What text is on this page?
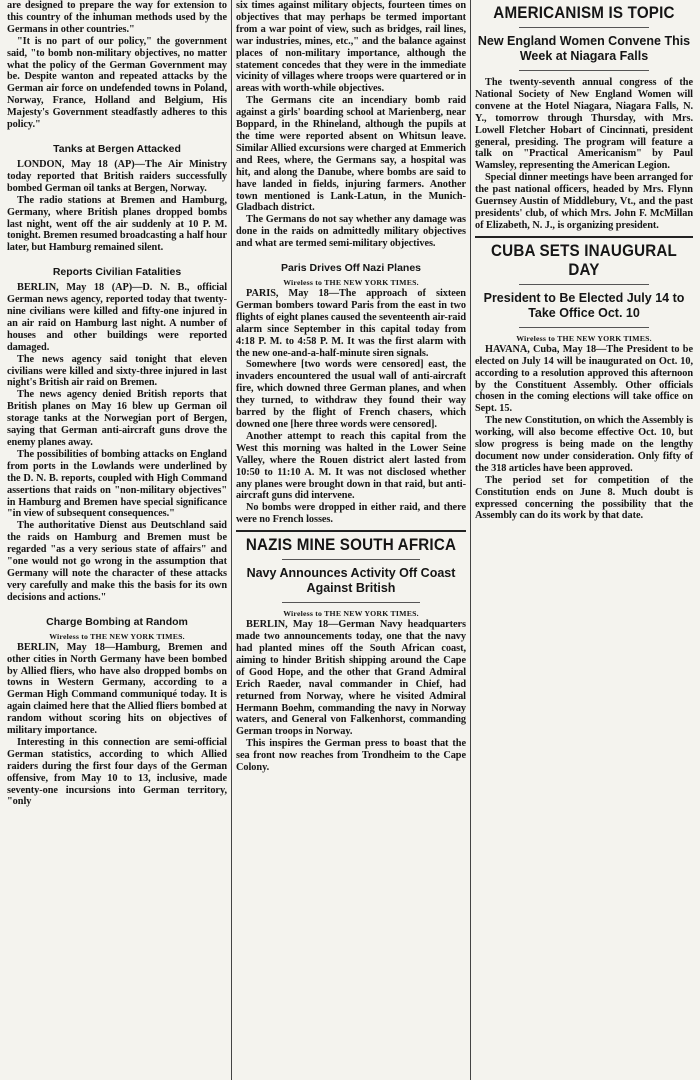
are designed to prepare the way for extension to this country of the inhuman methods used by the Germans in other countries."

"It is no part of our policy," the government said, "to bomb non-military objectives, no matter what the policy of the German Government may be. Despite wanton and repeated attacks by the German air force on undefended towns in Poland, Norway, France, Holland and Belgium, His Majesty's Government steadfastly adheres to this policy."

Tanks at Bergen Attacked

LONDON, May 18 (AP)—The Air Ministry today reported that British raiders successfully bombed German oil tanks at Bergen, Norway.

The radio stations at Bremen and Hamburg, Germany, where British planes dropped bombs last night, went off the air suddenly at 10 P. M. tonight. Bremen resumed broadcasting a half hour later, but Hamburg remained silent.

Reports Civilian Fatalities

BERLIN, May 18 (AP)—D. N. B., official German news agency, reported today that twenty-nine civilians were killed and fifty-one injured in an air raid on Hamburg last night. A number of houses and other buildings were reported damaged.

The news agency said tonight that eleven civilians were killed and sixty-three injured in last night's British air raid on Bremen.

The news agency denied British reports that British planes on May 16 blew up German oil storage tanks at the Norwegian port of Bergen, saying that German anti-aircraft guns drove the enemy planes away.

The possibilities of bombing attacks on England from ports in the Lowlands were underlined by the D. N. B. reports, coupled with High Command assertions that raids on "non-military objectives" in Hamburg and Bremen have special significance "in view of subsequent consequences."

The authoritative Dienst aus Deutschland said the raids on Hamburg and Bremen must be regarded "as a very serious state of affairs" and "one would not go wrong in the assumption that Germany will note the character of these attacks very carefully and make this the basis for its own decisions and actions."

Charge Bombing at Random
Wireless to THE NEW YORK TIMES.

BERLIN, May 18—Hamburg, Bremen and other cities in North Germany have been bombed by Allied fliers, who have also dropped bombs on towns in Western Germany, according to a German High Command communiqué today. It is again claimed here that the Allied fliers bombed at random without scoring hits on objectives of military importance.

Interesting in this connection are semi-official German statistics, according to which Allied raiders during the first four days of the German offensive, from May 10 to 13, inclusive, made seventy-one incursions into German territory, "only

six times against military objects, fourteen times on objectives that may perhaps be termed important from a war point of view, such as bridges, rail lines, war industries, mines, etc.," and the balance against places of non-military importance, although the statement concedes that they were in the immediate vicinity of villages where troops were quartered or in areas with worth-while objectives.

The Germans cite an incendiary bomb raid against a girls' boarding school at Marienberg, near Boppard, in the Rhineland, although the pupils at the time were reported absent on Whitsun leave. Similar Allied excursions were charged at Emmerich and Rees, where, the Germans say, a hospital was hit, and along the Danube, where bombs are said to have landed in fields, injuring farmers. Another town mentioned is Lank-Latun, in the Munich-Gladbach district.

The Germans do not say whether any damage was done in the raids on admittedly military objectives and what are termed semi-military objectives.

Paris Drives Off Nazi Planes
Wireless to THE NEW YORK TIMES.

PARIS, May 18—The approach of sixteen German bombers toward Paris from the east in two flights of eight planes caused the seventeenth air-raid alarm since September in this capital today from 4:18 P. M. to 4:58 P. M. It was the first alarm with the new one-and-a-half-minute siren signals.

Somewhere [two words were censored] east, the invaders encountered the usual wall of anti-aircraft fire, which downed three German planes, and when they turned, to withdraw they found their way barred by the flight of French chasers, which downed one [here three words were censored].

Another attempt to reach this capital from the West this morning was halted in the Lower Seine Valley, where the Rouen district alert lasted from 10:50 to 11:10 A. M. It was not disclosed whether any planes were brought down in that raid, but anti-aircraft guns did intervene.

No bombs were dropped in either raid, and there were no French losses.

NAZIS MINE SOUTH AFRICA
Navy Announces Activity Off Coast Against British
Wireless to THE NEW YORK TIMES.

BERLIN, May 18—German Navy headquarters made two announcements today, one that the navy had planted mines off the South African coast, aiming to hinder British shipping around the Cape of Good Hope, and the other that Grand Admiral Erich Raeder, naval commander in Chief, had returned from Norway, where he visited Admiral Hermann Boehm, commanding the navy in Norway waters, and General von Falkenhorst, commanding German troops in Norway.

This inspires the German press to boast that the sea front now reaches from Trondheim to the Cape Colony.

AMERICANISM IS TOPIC
New England Women Convene This Week at Niagara Falls

The twenty-seventh annual congress of the National Society of New England Women will convene at the Hotel Niagara, Niagara Falls, N. Y., tomorrow through Thursday, with Mrs. Lowell Fletcher Hobart of Cincinnati, president general, presiding. The program will feature a talk on "Practical Americanism" by Paul Wamsley, representing the American Legion.

Special dinner meetings have been arranged for the past national officers, headed by Mrs. Flynn Guernsey Austin of Middlebury, Vt., and the past presidents' club, of which Mrs. John F. McMillan of Elizabeth, N. J., is organizing president.

CUBA SETS INAUGURAL DAY
President to Be Elected July 14 to Take Office Oct. 10
Wireless to THE NEW YORK TIMES.

HAVANA, Cuba, May 18—The President to be elected on July 14 will be inaugurated on Oct. 10, according to a resolution approved this afternoon by the Constituent Assembly. Other officials chosen in the coming elections will take office on Sept. 15.

The new Constitution, on which the Assembly is working, will also become effective Oct. 10, but slow progress is being made on the lengthy document now under consideration. Only fifty of the 318 articles have been approved.

The period set for competition of the Constitution ends on June 8. Much doubt is expressed concerning the possibility that the Assembly can do its work by that date.
